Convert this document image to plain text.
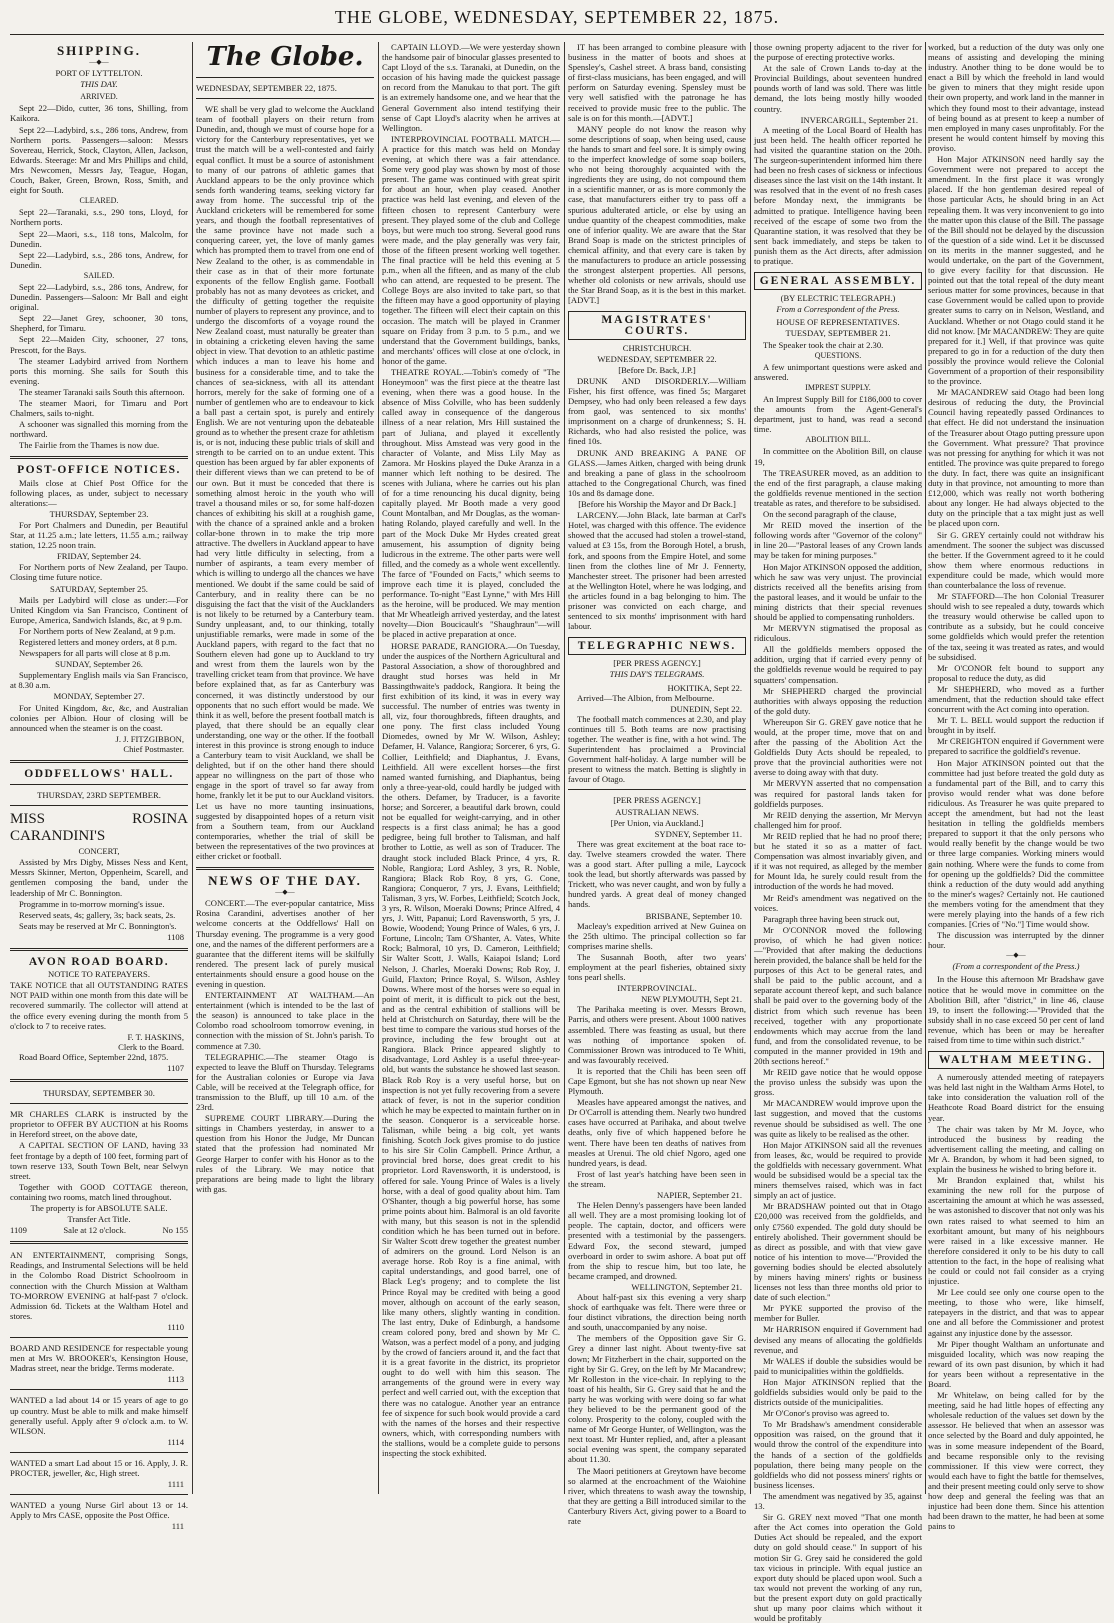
THE GLOBE, WEDNESDAY, SEPTEMBER 22, 1875.
SHIPPING.
—◆—
PORT OF LYTTELTON.
THIS DAY.
ARRIVED.

Sept 22—Dido, cutter, 36 tons, Shilling, from Kaikora.

Sept 22—Ladybird, s.s., 286 tons, Andrew, from Northern ports. Passengers—saloon: Messrs Sovereau, Herrick, Stock, Clayton, Allen, Jackson, Edwards. Steerage: Mr and Mrs Phillips and child, Mrs Newcomen, Messrs Jay, Teague, Hogan, Couch, Baker, Green, Brown, Ross, Smith, and eight for South.

CLEARED.

Sept 22—Taranaki, s.s., 290 tons, Lloyd, for Northern ports.

Sept 22—Maori, s.s., 118 tons, Malcolm, for Dunedin.

Sept 22—Ladybird, s.s., 286 tons, Andrew, for Dunedin.

SAILED.

Sept 22—Ladybird, s.s., 286 tons, Andrew, for Dunedin. Passengers—Saloon: Mr Ball and eight original.

Sept 22—Janet Grey, schooner, 30 tons, Shepherd, for Timaru.

Sept 22—Maiden City, schooner, 27 tons, Prescott, for the Bays.

The steamer Ladybird arrived from Northern ports this morning. She sails for South this evening.

The steamer Taranaki sails South this afternoon.

The steamer Maori, for Timaru and Port Chalmers, sails to-night.

A schooner was signalled this morning from the northward.

The Fairlie from the Thames is now due.

POST-OFFICE NOTICES.

Mails close at Chief Post Office for the following places, as under, subject to necessary alterations:—

THURSDAY, September 23.

For Port Chalmers and Dunedin, per Beautiful Star, at 11.25 a.m.; late letters, 11.55 a.m.; railway station, 12.25 noon train.

FRIDAY, September 24.

For Northern ports of New Zealand, per Taupo. Closing time future notice.

SATURDAY, September 25.

Mails per Ladybird will close as under:—For United Kingdom via San Francisco, Continent of Europe, America, Sandwich Islands, &c, at 9 p.m.

For Northern ports of New Zealand, at 9 p.m.

Registered letters and money orders, at 8 p.m.

Newspapers for all parts will close at 8 p.m.

SUNDAY, September 26.

Supplementary English mails via San Francisco, at 8.30 a.m.

MONDAY, September 27.

For United Kingdom, &c, &c, and Australian colonies per Albion. Hour of closing will be announced when the steamer is on the coast.

J. J. FITZGIBBON,
Chief Postmaster.
ODDFELLOWS' HALL.
THURSDAY, 23RD SEPTEMBER.

MISS ROSINA CARANDINI'S

CONCERT,

Assisted by Mrs Digby, Misses Ness and Kent, Messrs Skinner, Merton, Oppenheim, Scarell, and gentlemen composing the band, under the leadership of Mr C. Bonnington.

Programme in to-morrow morning's issue.

Reserved seats, 4s; gallery, 3s; back seats, 2s.

Seats may be reserved at Mr C. Bonnington's.

1108
AVON ROAD BOARD.
NOTICE TO RATEPAYERS.

TAKE NOTICE that all OUTSTANDING RATES NOT PAID within one month from this date will be recovered summarily. The collector will attend at the office every evening during the month from 5 o'clock to 7 to receive rates.

F. T. HASKINS,
Clerk to the Board.

Road Board Office, September 22nd, 1875.

1107
THURSDAY, SEPTEMBER 30.

MR CHARLES CLARK is instructed by the proprietor to OFFER BY AUCTION at his Rooms in Hereford street, on the above date,

A CAPITAL SECTION OF LAND, having 33 feet frontage by a depth of 100 feet, forming part of town reserve 133, South Town Belt, near Selwyn street.

Together with GOOD COTTAGE thereon, containing two rooms, match lined throughout.

The property is for ABSOLUTE SALE.
Transfer Act Title.
1109	Sale at 12 o'clock.	No 155

AN ENTERTAINMENT, comprising Songs, Readings, and Instrumental Selections will be held in the Colombo Road District Schoolroom in connection with the Church Mission at Waltham TO-MORROW EVENING at half-past 7 o'clock. Admission 6d. Tickets at the Waltham Hotel and stores.

1110

BOARD AND RESIDENCE for respectable young men at Mrs W. BROOKER's, Kensington House, Madras street, near the bridge. Terms moderate.

1113

WANTED a lad about 14 or 15 years of age to go up country. Must be able to milk and make himself generally useful. Apply after 9 o'clock a.m. to W. WILSON.

1114

WANTED a smart Lad about 15 or 16. Apply, J. R. PROCTER, jeweller, &c, High street.

1111

WANTED a young Nurse Girl about 13 or 14. Apply to Mrs CASE, opposite the Post Office.

111
The Globe.

WEDNESDAY, SEPTEMBER 22, 1875.

WE shall be very glad to welcome the Auckland team of football players on their return from Dunedin, and, though we must of course hope for a victory for the Canterbury representatives, yet we trust the match will be a well-contested and fairly equal conflict. It must be a source of astonishment to many of our patrons of athletic games that Auckland appears to be the only province which sends forth wandering teams, seeking victory far away from home. The successful trip of the Auckland cricketers will be remembered for some years, and though the football representatives of the same province have not made such a conquering career, yet, the love of manly games which has prompted them to travel from one end of New Zealand to the other, is as commendable in their case as in that of their more fortunate exponents of the fellow English game. Football probably has not as many devotees as cricket, and the difficulty of getting together the requisite number of players to represent any province, and to undergo the discomforts of a voyage round the New Zealand coast, must naturally be greater than in obtaining a cricketing eleven having the same object in view. That devotion to an athletic pastime which induces a man to leave his home and business for a considerable time, and to take the chances of sea-sickness, with all its attendant horrors, merely for the sake of forming one of a number of gentlemen who are to endeavour to kick a ball past a certain spot, is purely and entirely English. We are not venturing upon the debateable ground as to whether the present craze for athletism is, or is not, inducing these public trials of skill and strength to be carried on to an undue extent. This question has been argued by far abler exponents of their different views than we can pretend to be of our own. But it must be conceded that there is something almost heroic in the youth who will travel a thousand miles or so, for some half-dozen chances of exhibiting his skill at a roughish game, with the chance of a sprained ankle and a broken collar-bone thrown in to make the trip more attractive. The dwellers in Auckland appear to have had very little difficulty in selecting, from a number of aspirants, a team every member of which is willing to undergo all the chances we have mentioned. We doubt if the same could be said of Canterbury, and in reality there can be no disguising the fact that the visit of the Aucklanders is not likely to be returned by a Canterbury team. Sundry unpleasant, and, to our thinking, totally unjustifiable remarks, were made in some of the Auckland papers, with regard to the fact that no Southern eleven had gone up to Auckland to try and wrest from them the laurels won by the travelling cricket team from that province. We have before explained that, as far as Canterbury was concerned, it was distinctly understood by our opponents that no such effort would be made. We think it as well, before the present football match is played, that there should be an equally clear understanding, one way or the other. If the football interest in this province is strong enough to induce a Canterbury team to visit Auckland, we shall be delighted, but if on the other hand there should appear no willingness on the part of those who engage in the sport of travel so far away from home, frankly let it be put to our Auckland visitors. Let us have no more taunting insinuations, suggested by disappointed hopes of a return visit from a Southern team, from our Auckland contemporaries, whether the trial of skill be between the representatives of the two provinces at either cricket or football.

NEWS OF THE DAY.
—◆—

CONCERT.—The ever-popular cantatrice, Miss Rosina Carandini, advertises another of her welcome concerts at the Oddfellows' Hall on Thursday evening. The programme is a very good one, and the names of the different performers are a guarantee that the different items will be skilfully rendered. The present lack of purely musical entertainments should ensure a good house on the evening in question.

ENTERTAINMENT AT WALTHAM.—An entertainment (which is intended to be the last of the season) is announced to take place in the Colombo road schoolroom tomorrow evening, in connection with the mission of St. John's parish. To commence at 7.30.

TELEGRAPHIC.—The steamer Otago is expected to leave the Bluff on Thursday. Telegrams for the Australian colonies or Europe via Java Cable, will be received at the Telegraph office, for transmission to the Bluff, up till 10 a.m. of the 23rd.

SUPREME COURT LIBRARY.—During the sittings in Chambers yesterday, in answer to a question from his Honor the Judge, Mr Duncan stated that the profession had nominated Mr George Harper to confer with his Honor as to the rules of the Library. We may notice that preparations are being made to light the library with gas.

CAPTAIN LLOYD.—We were yesterday shown the handsome pair of binocular glasses presented to Capt Lloyd of the s.s. Taranaki, at Dunedin, on the occasion of his having made the quickest passage on record from the Manukau to that port. The gift is an extremely handsome one, and we hear that the General Government also intend testifying their sense of Capt Lloyd's alacrity when he arrives at Wellington.

INTERPROVINCIAL FOOTBALL MATCH.—A practice for this match was held on Monday evening, at which there was a fair attendance. Some very good play was shown by most of those present. The game was continued with great spirit for about an hour, when play ceased. Another practice was held last evening, and eleven of the fifteen chosen to represent Canterbury were present. They played some of the club and College boys, but were much too strong. Several good runs were made, and the play generally was very fair, those of the fifteen present working well together. The final practice will be held this evening at 5 p.m., when all the fifteen, and as many of the club who can attend, are requested to be present. The College Boys are also invited to take part, so that the fifteen may have a good opportunity of playing together. The fifteen will elect their captain on this occasion. The match will be played in Cranmer square on Friday from 3 p.m. to 5 p.m., and we understand that the Government buildings, banks, and merchants' offices will close at one o'clock, in honor of the game.

THEATRE ROYAL.—Tobin's comedy of "The Honeymoon" was the first piece at the theatre last evening, when there was a good house. In the absence of Miss Colville, who has been suddenly called away in consequence of the dangerous illness of a near relation, Mrs Hill sustained the part of Juliana, and played it excellently throughout. Miss Amstead was very good in the character of Volante, and Miss Lily May as Zamora. Mr Hoskins played the Duke Aranza in a manner which left nothing to be desired. The scenes with Juliana, where he carries out his plan of for a time renouncing his ducal dignity, being capitally played. Mr Booth made a very good Count Montalban, and Mr Douglas, as the woman-hating Rolando, played carefully and well. In the part of the Mock Duke Mr Hydes created great amusement, his assumption of dignity being ludicrous in the extreme. The other parts were well filled, and the comedy as a whole went excellently. The farce of "Founded on Facts," which seems to improve each time it is played, concluded the performance. To-night "East Lynne," with Mrs Hill as the heroine, will be produced. We may mention that Mr Wheatleigh arrived yesterday, and the latest novelty—Dion Boucicault's "Shaughraun"—will be placed in active preparation at once.

HORSE PARADE, RANGIORA.—On Tuesday, under the auspices of the Northern Agricultural and Pastoral Association, a show of thoroughbred and draught stud horses was held in Mr Bassingthwaite's paddock, Rangiora. It being the first exhibition of its kind, it was in every way successful. The number of entries was twenty in all, viz, four thoroughbreds, fifteen draughts, and one pony. The first class included Young Diomedes, owned by Mr W. Wilson, Ashley; Defamer, H. Valance, Rangiora; Sorcerer, 6 yrs, G. Collier, Leithfield; and Diaphantus, J. Evans, Leithfield. All were excellent horses—the first named wanted furnishing, and Diaphantus, being only a three-year-old, could hardly be judged with the others. Defamer, by Traducer, is a favorite horse; and Sorcerer, a beautiful dark brown, could not be equalled for weight-carrying, and in other respects is a first class animal; he has a good pedigree, being full brother to Talisman, and half brother to Lottie, as well as son of Traducer. The draught stock included Black Prince, 4 yrs, R. Noble, Rangiora; Lord Ashley, 3 yrs, R. Noble, Rangiora; Black Rob Roy, 8 yrs, G. Cone, Rangiora; Conqueror, 7 yrs, J. Evans, Leithfield; Talisman, 3 yrs, W. Forbes, Leithfield; Scotch Jock, 3 yrs, R. Wilson, Moeraki Downs; Prince Alfred, 4 yrs, J. Witt, Papanui; Lord Ravensworth, 5 yrs, J. Bowie, Woodend; Young Prince of Wales, 6 yrs, J. Fortune, Lincoln; Tam O'Shanter, A. Vates, White Rock; Balmoral, 10 yrs, D. Cameron, Leithfield; Sir Walter Scott, J. Walls, Kaiapoi Island; Lord Nelson, J. Charles, Moeraki Downs; Rob Roy, J. Guild, Flaxton; Prince Royal, S. Wilson, Ashley Downs. Where most of the horses were so equal in point of merit, it is difficult to pick out the best, and as the central exhibition of stallions will be held at Christchurch on Saturday, there will be the best time to compare the various stud horses of the province, including the few brought out at Rangiora. Black Prince appeared slightly to disadvantage, Lord Ashley is a useful three-year-old, but wants the substance he showed last season. Black Rob Roy is a very useful horse, but on inspection is not yet fully recovering from a severe attack of fever, is not in the superior condition which he may be expected to maintain further on in the season. Conqueror is a serviceable horse. Talisman, while being a big colt, yet wants finishing. Scotch Jock gives promise to do justice to his sire Sir Colin Campbell. Prince Arthur, a provincial bred horse, does great credit to his proprietor. Lord Ravensworth, it is understood, is offered for sale. Young Prince of Wales is a lively horse, with a deal of good quality about him. Tam O'Shanter, though a big powerful horse, has some prime points about him. Balmoral is an old favorite with many, but this season is not in the splendid condition which he has been turned out in before. Sir Walter Scott drew together the greatest number of admirers on the ground. Lord Nelson is an average horse. Rob Roy is a fine animal, with capital understandings, and good barrel, one of Black Leg's progeny; and to complete the list Prince Royal may be credited with being a good mover, although on account of the early season, like many others, slightly wanting in condition. The last entry, Duke of Edinburgh, a handsome cream colored pony, bred and shown by Mr C. Watson, was a perfect model of a pony, and judging by the crowd of fanciers around it, and the fact that it is a great favorite in the district, its proprietor ought to do well with him this season. The arrangements of the ground were in every way perfect and well carried out, with the exception that there was no catalogue. Another year an entrance fee of sixpence for such book would provide a card with the names of the horses and their respective owners, which, with corresponding numbers with the stallions, would be a complete guide to persons inspecting the stock exhibited.

IT has been arranged to combine pleasure with business in the matter of boots and shoes at Spensley's, Cashel street. A brass band, consisting of first-class musicians, has been engaged, and will perform on Saturday evening. Spensley must be very well satisfied with the patronage he has received to provide music free to the public. The sale is on for this month.—[ADVT.]

MANY people do not know the reason why some descriptions of soap, when being used, cause the hands to smart and feel sore. It is simply owing to the imperfect knowledge of some soap boilers, who not being thoroughly acquainted with the ingredients they are using, do not compound them in a scientific manner, or as is more commonly the case, that manufacturers either try to pass off a spurious adulterated article, or else by using an undue quantity of the cheapest commodities, make one of inferior quality. We are aware that the Star Brand Soap is made on the strictest principles of chemical affinity, and that every care is taken by the manufacturers to produce an article possessing the strongest alsterpent properties. All persons, whether old colonists or new arrivals, should use the Star Brand Soap, as it is the best in this market. [ADVT.]

MAGISTRATES' COURTS.
CHRISTCHURCH.
WEDNESDAY, SEPTEMBER 22.
[Before Dr. Back, J.P.]

DRUNK AND DISORDERLY.—William Fisher, his first offence, was fined 5s; Margaret Dempsey, who had only been released a few days from gaol, was sentenced to six months' imprisonment on a charge of drunkenness; S. H. Richards, who had also resisted the police, was fined 10s.

DRUNK AND BREAKING A PANE OF GLASS.—James Aitken, charged with being drunk and breaking a pane of glass in the schoolroom attached to the Congregational Church, was fined 10s and 8s damage done.

[Before his Worship the Mayor and Dr Back.]

LARCENY.—John Black, late barman at Carl's Hotel, was charged with this offence. The evidence showed that the accused had stolen a trowel-stand, valued at £3 15s, from the Borough Hotel, a brush, fork, and spoons from the Empire Hotel, and some linen from the clothes line of Mr J. Fennerty, Manchester street. The prisoner had been arrested at the Wellington Hotel, where he was lodging, and the articles found in a bag belonging to him. The prisoner was convicted on each charge, and sentenced to six months' imprisonment with hard labour.

TELEGRAPHIC NEWS.
[PER PRESS AGENCY.]
THIS DAY'S TELEGRAMS.
HOKITIKA, Sept 22.

Arrived—The Albion, from Melbourne.

DUNEDIN, Sept 22.

The football match commences at 2.30, and play continues till 5. Both teams are now practising together. The weather is fine, with a hot wind. The Superintendent has proclaimed a Provincial Government half-holiday. A large number will be present to witness the match. Betting is slightly in favour of Otago.

[PER PRESS AGENCY.]
AUSTRALIAN NEWS.
[Per Union, via Auckland.]
SYDNEY, September 11.

There was great excitement at the boat race to-day. Twelve steamers crowded the water. There was a good start. After pulling a mile, Laycock took the lead, but shortly afterwards was passed by Trickett, who was never caught, and won by fully a hundred yards. A great deal of money changed hands.

BRISBANE, September 10.

Macleay's expedition arrived at New Guinea on the 25th ultimo. The principal collection so far comprises marine shells.

The Susannah Booth, after two years' employment at the pearl fisheries, obtained sixty tons pearl shells.

INTERPROVINCIAL.
NEW PLYMOUTH, Sept 21.

The Parihaka meeting is over. Messrs Brown, Parris, and others were present. About 1000 natives assembled. There was feasting as usual, but there was nothing of importance spoken of. Commissioner Brown was introduced to Te Whiti, and was favourably received.

It is reported that the Chili has been seen off Cape Egmont, but she has not shown up near New Plymouth.

Measles have appeared amongst the natives, and Dr O'Carroll is attending them. Nearly two hundred cases have occurred at Parihaka, and about twelve deaths, only five of which happened before he went. There have been ten deaths of natives from measles at Urenui. The old chief Ngoro, aged one hundred years, is dead.

Frost of last year's hatching have been seen in the stream.

NAPIER, September 21.

The Helen Denny's passengers have been landed all well. They are a most promising looking lot of people. The captain, doctor, and officers were presented with a testimonial by the passengers. Edward Fox, the second steward, jumped overboard in order to swim ashore. A boat put off from the ship to rescue him, but too late, he became cramped, and drowned.

WELLINGTON, September 21.

About half-past six this evening a very sharp shock of earthquake was felt. There were three or four distinct vibrations, the direction being north and south, unaccompanied by any noise.

The members of the Opposition gave Sir G. Grey a dinner last night. About twenty-five sat down; Mr Fitzherbert in the chair, supported on the right by Sir G. Grey, on the left by Mr Macandrew; Mr Rolleston in the vice-chair. In replying to the toast of his health, Sir G. Grey said that he and the party he was working with were doing so far what they believed to be the permanent good of the colony. Prosperity to the colony, coupled with the name of Mr George Hunter, of Wellington, was the next toast. Mr Hunter replied, and, after a pleasant social evening was spent, the company separated about 11.30.

The Maori petitioners at Greytown have become so alarmed at the encroachment of the Waiohine river, which threatens to wash away the township, that they are getting a Bill introduced similar to the Canterbury Rivers Act, giving power to a Board to rate

those owning property adjacent to the river for the purpose of erecting protective works.

At the sale of Crown Lands to-day at the Provincial Buildings, about seventeen hundred pounds worth of land was sold. There was little demand, the lots being mostly hilly wooded country.

INVERCARGILL, September 21.

A meeting of the Local Board of Health has just been held. The health officer reported he had visited the quarantine station on the 20th. The surgeon-superintendent informed him there had been no fresh cases of sickness or infectious diseases since the last visit on the 14th instant. It was resolved that in the event of no fresh cases before Monday next, the immigrants be admitted to pratique. Intelligence having been received of the escape of some two from the Quarantine station, it was resolved that they be sent back immediately, and steps be taken to punish them as the Act directs, after admission to pratique.

GENERAL ASSEMBLY.
(BY ELECTRIC TELEGRAPH.)
From a Correspondent of the Press.
HOUSE OF REPRESENTATIVES.
TUESDAY, SEPTEMBER 21.

The Speaker took the chair at 2.30.

QUESTIONS.

A few unimportant questions were asked and answered.

IMPREST SUPPLY.

An Imprest Supply Bill for £186,000 to cover the amounts from the Agent-General's department, just to hand, was read a second time.

ABOLITION BILL.

In committee on the Abolition Bill, on clause 19,

The TREASURER moved, as an addition to the end of the first paragraph, a clause making the goldfields revenue mentioned in the section treatable as rates, and therefore to be subsidised.

On the second paragraph of the clause,

Mr REID moved the insertion of the following words after "Governor of the colony" in line 20—"Pastoral leases of any Crown lands may be taken for mining purposes."

Hon Major ATKINSON opposed the addition, which he saw was very unjust. The provincial districts received all the benefits arising from the pastoral leases, and it would be unfair to the mining districts that their special revenues should be applied to compensating runholders.

Mr MERVYN stigmatised the proposal as ridiculous.

All the goldfields members opposed the addition, urging that if carried every penny of the goldfields revenue would be required to pay squatters' compensation.

Mr SHEPHERD charged the provincial authorities with always opposing the reduction of the gold duty.

Whereupon Sir G. GREY gave notice that he would, at the proper time, move that on and after the passing of the Abolition Act the Goldfields Duty Acts should be repealed, to prove that the provincial authorities were not averse to doing away with that duty.

Mr MERVYN asserted that no compensation was required for pastoral lands taken for goldfields purposes.

Mr REID denying the assertion, Mr Mervyn challenged him for proof.

Mr REID replied that he had no proof there; but he stated it so as a matter of fact. Compensation was almost invariably given, and if it was not required, as alleged by the member for Mount Ida, he surely could result from the introduction of the words he had moved.

Mr Reid's amendment was negatived on the voices.

Paragraph three having been struck out,

Mr O'CONNOR moved the following proviso, of which he had given notice:—"Provided that after making the deductions herein provided, the balance shall be held for the purposes of this Act to be general rates, and shall be paid to the public account, and a separate account thereof kept, and such balance shall be paid over to the governing body of the district from which such revenue has been received, together with any proportionate endowments which may accrue from the land fund, and from the consolidated revenue, to be computed in the manner provided in 19th and 20th sections hereof."

Mr REID gave notice that he would oppose the proviso unless the subsidy was upon the gross.

Mr MACANDREW would improve upon the last suggestion, and moved that the customs revenue should be subsidised as well. The one was quite as likely to be realised as the other.

Hon Major ATKINSON said all the revenues from leases, &c, would be required to provide the goldfields with necessary government. What would be subsidised would be a special tax the miners themselves raised, which was in fact simply an act of justice.

Mr BRADSHAW pointed out that in Otago £20,000 was received from the goldfields, and only £7560 expended. The gold duty should be entirely abolished. Their government should be as direct as possible, and with that view gave notice of his intention to move—"Provided the governing bodies should be elected absolutely by miners having miners' rights or business licenses not less than three months old prior to date of such election."

Mr PYKE supported the proviso of the member for Buller.

Mr HARRISON enquired if Government had devised any means of allocating the goldfields revenue, and

Mr WALES if double the subsidies would be paid to municipalities within the goldfields.

Hon Major ATKINSON replied that the goldfields subsidies would only be paid to the districts outside of the municipalities.

Mr O'Conor's proviso was agreed to.

To Mr Bradshaw's amendment considerable opposition was raised, on the ground that it would throw the control of the expenditure into the hands of a section of the goldfields population, there being many people on the goldfields who did not possess miners' rights or business licenses.

The amendment was negatived by 35, against 13.

Sir G. GREY next moved "That one month after the Act comes into operation the Gold Duties Act should be repealed, and the export duty on gold should cease." In support of his motion Sir G. Grey said he considered the gold tax vicious in principle. With equal justice an export duty should be placed upon wool. Such a tax would not prevent the working of any run, but the present export duty on gold practically shut up many poor claims which without it would be profitably

worked, but a reduction of the duty was only one means of assisting and developing the mining industry. Another thing to be done would be to enact a Bill by which the freehold in land would be given to miners that they might reside upon their own property, and work land in the manner in which they found most to their advantage, instead of being bound as at present to keep a number of men employed in many cases unprofitably. For the present he would content himself by moving this proviso.

Hon Major ATKINSON need hardly say the Government were not prepared to accept the amendment. In the first place it was wrongly placed. If the hon gentleman desired repeal of those particular Acts, he should bring in an Act repealing them. It was very inconvenient to go into the matter upon this clause of the Bill. The passage of the Bill should not be delayed by the discussion of the question of a side wind. Let it be discussed on its merits in the manner suggested, and he would undertake, on the part of the Government, to give every facility for that discussion. He pointed out that the total repeal of the duty meant serious matter for some provinces, because in that case Government would be called upon to provide greater sums to carry on in Nelson, Westland, and Auckland. Whether or not Otago could stand it he did not know. [Mr MACANDREW: They are quite prepared for it.] Well, if that province was quite prepared to go in for a reduction of the duty then possibly the province would relieve the Colonial Government of a proportion of their responsibility to the province.

Mr MACANDREW said Otago had been long desirous of reducing the duty, the Provincial Council having repeatedly passed Ordinances to that effect. He did not understand the insinuation of the Treasurer about Otago putting pressure upon the Government. What pressure? That province was not pressing for anything for which it was not entitled. The province was quite prepared to forego the duty. In fact, there was quite an insignificant duty in that province, not amounting to more than £12,000, which was really not worth bothering about any longer. He had always objected to the duty on the principle that a tax might just as well be placed upon corn.

Sir G. GREY certainly could not withdraw his amendment. The sooner the subject was discussed the better. If the Government agreed to it he could show them where enormous reductions in expenditure could be made, which would more than counterbalance the loss of revenue.

Mr STAFFORD—The hon Colonial Treasurer should wish to see repealed a duty, towards which the treasury would otherwise be called upon to contribute as a subsidy, but he could conceive some goldfields which would prefer the retention of the tax, seeing it was treated as rates, and would be subsidised.

Mr O'CONOR felt bound to support any proposal to reduce the duty, as did

Mr SHEPHERD, who moved as a further amendment, that the reduction should take effect concurrent with the Act coming into operation.

Mr T. L. BELL would support the reduction if brought in by itself.

Mr CREIGHTON enquired if Government were prepared to sacrifice the goldfield's revenue.

Hon Major ATKINSON pointed out that the committee had just before treated the gold duty as a fundamental part of the Bill, and to carry this proviso would render what was done before ridiculous. As Treasurer he was quite prepared to accept the amendment, but had not the least hesitation in telling the goldfields members prepared to support it that the only persons who would really benefit by the change would be two or three large companies. Working miners would gain nothing. Where were the funds to come from for opening up the goldfields? Did the committee think a reduction of the duty would add anything to the miner's wages? Certainly not. He cautioned the members voting for the amendment that they were merely playing into the hands of a few rich companies. [Cries of "No."] Time would show.

The discussion was interrupted by the dinner hour.

—◆—
(From a correspondent of the Press.)

In the House this afternoon Mr Bradshaw gave notice that he would move in committee on the Abolition Bill, after "district," in line 46, clause 19, to insert the following:—"Provided that the subsidy shall in no case exceed 50 per cent of land revenue, which has been or may be hereafter raised from time to time within such district."

WALTHAM MEETING.

A numerously attended meeting of ratepayers was held last night in the Waltham Arms Hotel, to take into consideration the valuation roll of the Heathcote Road Board district for the ensuing year.

The chair was taken by Mr M. Joyce, who introduced the business by reading the advertisement calling the meeting, and calling on Mr A. Brandon, by whom it had been signed, to explain the business he wished to bring before it.

Mr Brandon explained that, whilst his examining the new roll for the purpose of ascertaining the amount at which he was assessed, he was astonished to discover that not only was his own rates raised to what seemed to him an exorbitant amount, but many of his neighbours were raised in a like excessive manner. He therefore considered it only to be his duty to call attention to the fact, in the hope of realising what he could or could not fail consider as a crying injustice.

Mr Lee could see only one course open to the meeting, to those who were, like himself, ratepayers in the district, and that was to appear one and all before the Commissioner and protest against any injustice done by the assessor.

Mr Piper thought Waltham an unfortunate and misguided locality, which was now reaping the reward of its own past disunion, by which it had for years been without a representative in the Board.

Mr Whitelaw, on being called for by the meeting, said he had little hopes of effecting any wholesale reduction of the values set down by the assessor. He believed that when an assessor was once selected by the Board and duly appointed, he was in some measure independent of the Board, and became responsible only to the revising commissioner. If this view were correct, they would each have to fight the battle for themselves, and their present meeting could only serve to show how deep and general the feeling was that an injustice had been done them. Since his attention had been drawn to the matter, he had been at some pains to
